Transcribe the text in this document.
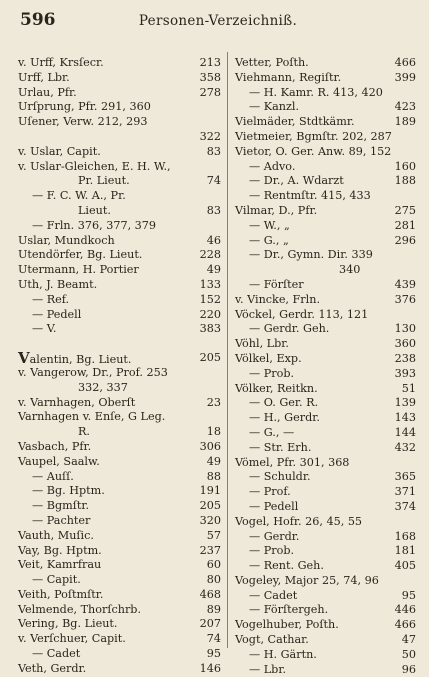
596	Personen-Verzeichniß.
v. Urff, Krsſecr.	213
Urff, Lbr.	358
Urlau, Pfr.	278
Urſprung, Pfr. 291, 360
Uſener, Verw. 212, 293
322
v. Uslar, Capit.	83
v. Uslar-Gleichen, E. H. W.,
Pr. Lieut.	74
— F. C. W. A., Pr.
Lieut.	83
— Frln. 376, 377, 379
Uslar, Mundkoch	46
Utendörfer, Bg. Lieut.	228
Utermann, H. Portier	49
Uth, J. Beamt.	133
— Ref.	152
— Pedell	220
— V.	383
Valentin, Bg. Lieut.	205
v. Vangerow, Dr., Prof. 253
332, 337
v. Varnhagen, Oberſt	23
Varnhagen v. Enſe, G Leg.
R.	18
Vasbach, Pfr.	306
Vaupel, Saalw.	49
— Auſſ.	88
— Bg. Hptm.	191
— Bgmſtr.	205
— Pachter	320
Vauth, Muſic.	57
Vay, Bg. Hptm.	237
Veit, Kamrfrau	60
— Capit.	80
Veith, Poſtmſtr.	468
Velmende, Thorſchrb.	89
Vering, Bg. Lieut.	207
v. Verſchuer, Capit.	74
— Cadet	95
Veth, Gerdr.	146
Vetter, Poſth.	466
Viehmann, Regiſtr.	399
— H. Kamr. R. 413, 420
— Kanzl.	423
Vielmäder, Stdtkämr.	189
Vietmeier, Bgmſtr. 202, 287
Vietor, O. Ger. Anw. 89, 152
— Advo.	160
— Dr., A. Wdarzt	188
— Rentmſtr. 415, 433
Vilmar, D., Pfr.	275
— W., „	281
— G., „	296
— Dr., Gymn. Dir. 339
340
— Förſter	439
v. Vincke, Frln.	376
Vöckel, Gerdr. 113, 121
— Gerdr. Geh.	130
Vöhl, Lbr.	360
Völkel, Exp.	238
— Prob.	393
Völker, Reitkn.	51
— O. Ger. R.	139
— H., Gerdr.	143
— G., —	144
— Str. Erh.	432
Vömel, Pfr. 301, 368
— Schuldr.	365
— Prof.	371
— Pedell	374
Vogel, Hofr. 26, 45, 55
— Gerdr.	168
— Prob.	181
— Rent. Geh.	405
Vogeley, Major 25, 74, 96
— Cadet	95
— Förſtergeh.	446
Vogelhuber, Poſth.	466
Vogt, Cathar.	47
— H. Gärtn.	50
— Lbr.	96
